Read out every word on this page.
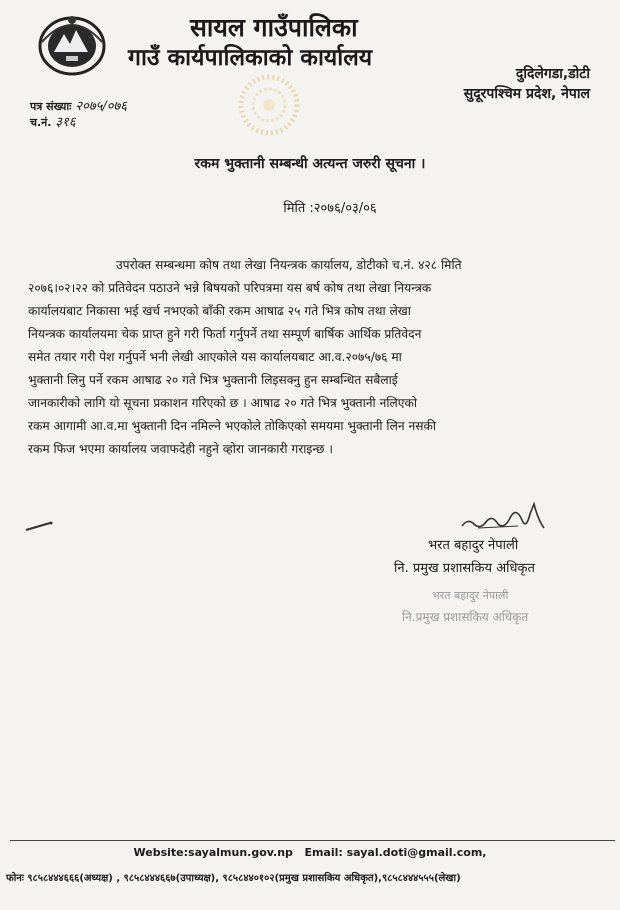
सायल गाउँपालिका
गाउँ कार्यपालिकाको कार्यालय
दुदिलेगडा,डोटी
सुदूरपश्चिम प्रदेश, नेपाल
पत्र संख्याः २०७५/०७६
च.नं. ३१६
रकम भुक्तानी सम्बन्धी अत्यन्त जरुरी सूचना ।
मिति :२०७६/०३/०६
उपरोक्त सम्बन्धमा कोष तथा लेखा नियन्त्रक कार्यालय, डोटीको च.नं. ४२८ मिति
२०७६।०२।२२ को प्रतिवेदन पठाउने भन्ने बिषयको परिपत्रमा यस बर्ष कोष तथा लेखा नियन्त्रक
कार्यालयबाट निकासा भई खर्च नभएको बाँकी रकम आषाढ २५ गते भित्र कोष तथा लेखा
नियन्त्रक कार्यालयमा चेक प्राप्त हुने गरी फिर्ता गर्नुपर्ने तथा सम्पूर्ण बार्षिक आर्थिक प्रतिवेदन
समेत तयार गरी पेश गर्नुपर्ने भनी लेखी आएकोले यस कार्यालयबाट आ.व.२०७५/७६ मा
भुक्तानी लिनु पर्ने रकम आषाढ २० गते भित्र भुक्तानी लिइसक्नु हुन सम्बन्धित सबैलाई
जानकारीको लागि यो सूचना प्रकाशन गरिएको छ । आषाढ २० गते भित्र भुक्तानी नलिएको
रकम आगामी आ.व.मा भुक्तानी दिन नमिल्ने भएकोले तोकिएको समयमा भुक्तानी लिन नसकी
रकम फिज भएमा कार्यालय जवाफदेही नहुने व्होरा जानकारी गराइन्छ ।
भरत बहादुर नेपाली
नि. प्रमुख प्रशासकिय अधिकृत
भरत बहादुर नेपाली
नि.प्रमुख प्रशासकिय अधिकृत
Website:sayalmun.gov.np Email: sayal.doti@gmail.com,
फोनः ९८५८४४४६६६(अध्यक्ष) , ९८५८४४४६६७(उपाध्यक्ष), ९८५८४४०१०२(प्रमुख प्रशासकिय अधिकृत),९८५८४४४५५५(लेखा)
